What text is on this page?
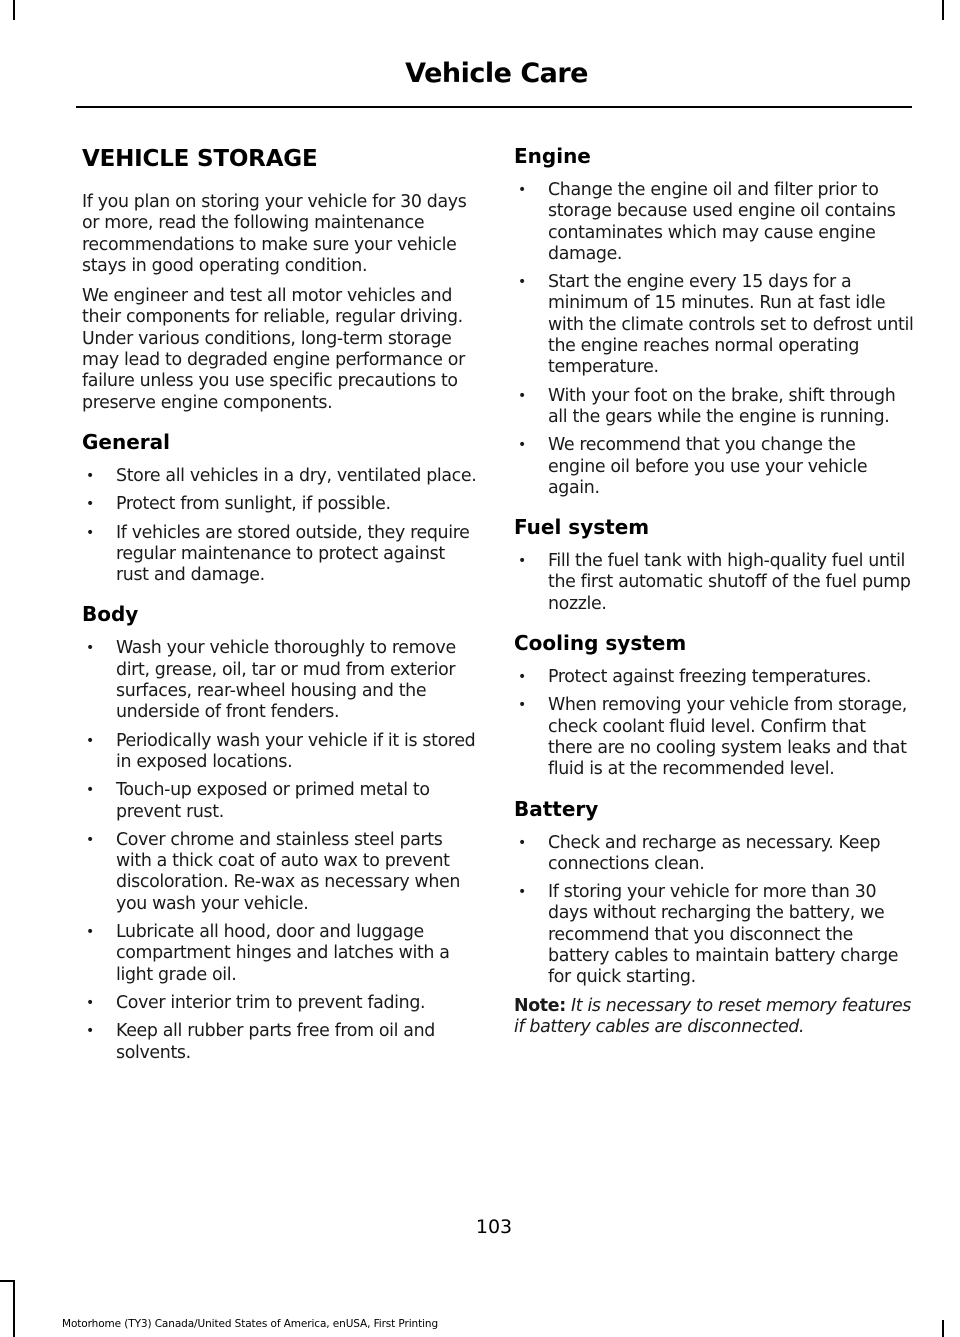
Vehicle Care
VEHICLE STORAGE

If you plan on storing your vehicle for 30 days or more, read the following maintenance recommendations to make sure your vehicle stays in good operating condition.

We engineer and test all motor vehicles and their components for reliable, regular driving. Under various conditions, long-term storage may lead to degraded engine performance or failure unless you use specific precautions to preserve engine components.

General
• Store all vehicles in a dry, ventilated place.
• Protect from sunlight, if possible.
• If vehicles are stored outside, they require regular maintenance to protect against rust and damage.
Body
• Wash your vehicle thoroughly to remove dirt, grease, oil, tar or mud from exterior surfaces, rear-wheel housing and the underside of front fenders.
• Periodically wash your vehicle if it is stored in exposed locations.
• Touch-up exposed or primed metal to prevent rust.
• Cover chrome and stainless steel parts with a thick coat of auto wax to prevent discoloration. Re-wax as necessary when you wash your vehicle.
• Lubricate all hood, door and luggage compartment hinges and latches with a light grade oil.
• Cover interior trim to prevent fading.
• Keep all rubber parts free from oil and solvents.
Engine
• Change the engine oil and filter prior to storage because used engine oil contains contaminates which may cause engine damage.
• Start the engine every 15 days for a minimum of 15 minutes. Run at fast idle with the climate controls set to defrost until the engine reaches normal operating temperature.
• With your foot on the brake, shift through all the gears while the engine is running.
• We recommend that you change the engine oil before you use your vehicle again.
Fuel system
• Fill the fuel tank with high-quality fuel until the first automatic shutoff of the fuel pump nozzle.
Cooling system
• Protect against freezing temperatures.
• When removing your vehicle from storage, check coolant fluid level. Confirm that there are no cooling system leaks and that fluid is at the recommended level.
Battery
• Check and recharge as necessary. Keep connections clean.
• If storing your vehicle for more than 30 days without recharging the battery, we recommend that you disconnect the battery cables to maintain battery charge for quick starting.

Note: It is necessary to reset memory features if battery cables are disconnected.

103
Motorhome (TY3) Canada/United States of America, enUSA, First Printing
